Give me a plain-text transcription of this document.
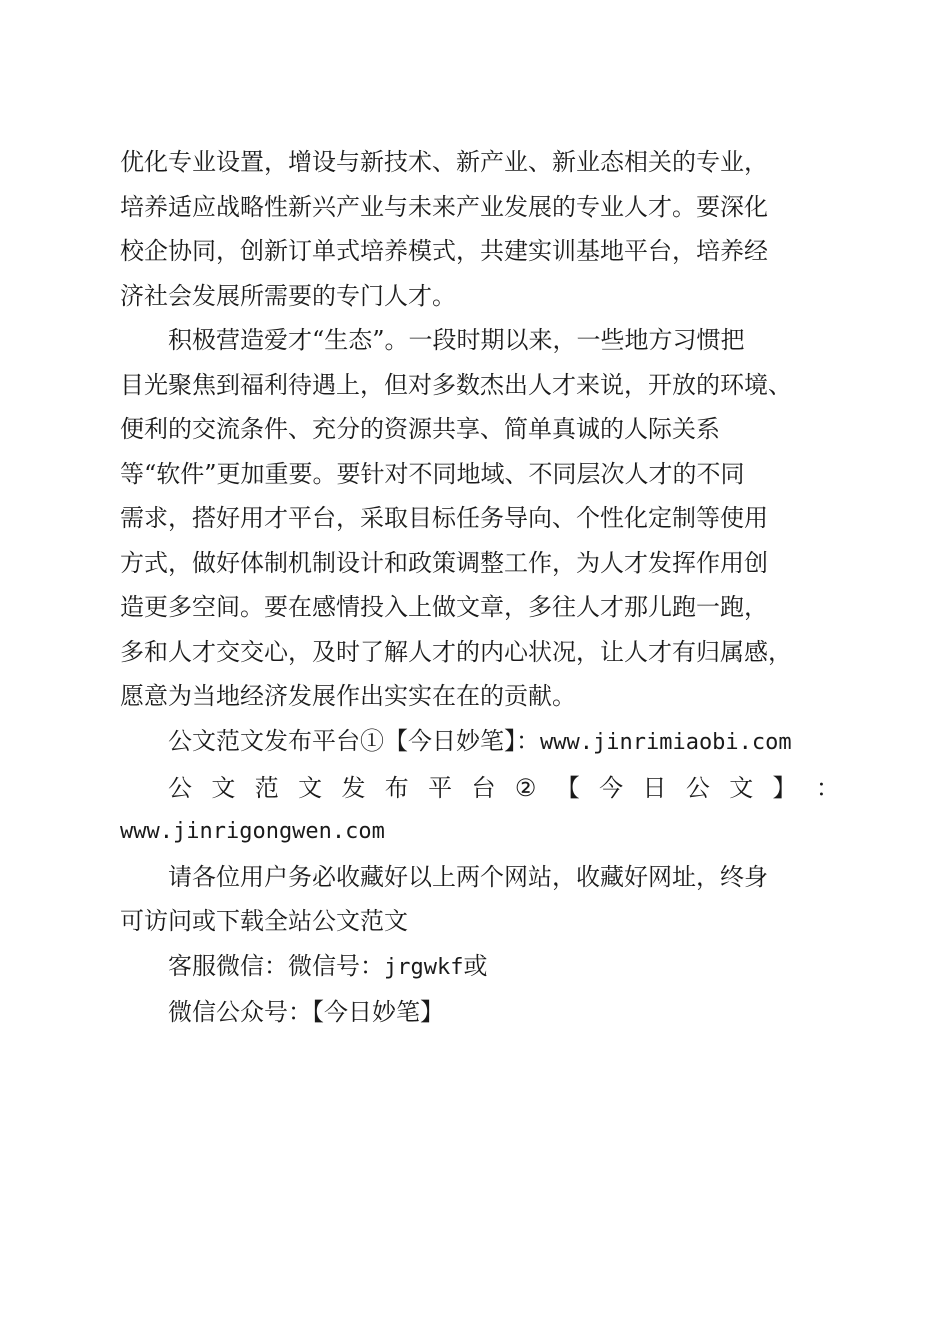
优化专业设置，增设与新技术、新产业、新业态相关的专业，
培养适应战略性新兴产业与未来产业发展的专业人才。要深化
校企协同，创新订单式培养模式，共建实训基地平台，培养经
济社会发展所需要的专门人才。
积极营造爱才“生态”。一段时期以来，一些地方习惯把
目光聚焦到福利待遇上，但对多数杰出人才来说，开放的环境、
便利的交流条件、充分的资源共享、简单真诚的人际关系
等“软件”更加重要。要针对不同地域、不同层次人才的不同
需求，搭好用才平台，采取目标任务导向、个性化定制等使用
方式，做好体制机制设计和政策调整工作，为人才发挥作用创
造更多空间。要在感情投入上做文章，多往人才那儿跑一跑，
多和人才交交心，及时了解人才的内心状况，让人才有归属感，
愿意为当地经济发展作出实实在在的贡献。
公文范文发布平台①【今日妙笔】：www.jinrimiaobi.com
公 文 范 文 发 布 平 台 ② 【 今 日 公 文 】 ：
www.jinrigongwen.com
请各位用户务必收藏好以上两个网站，收藏好网址，终身
可访问或下载全站公文范文
客服微信：微信号：jrgwkf或
微信公众号：【今日妙笔】
